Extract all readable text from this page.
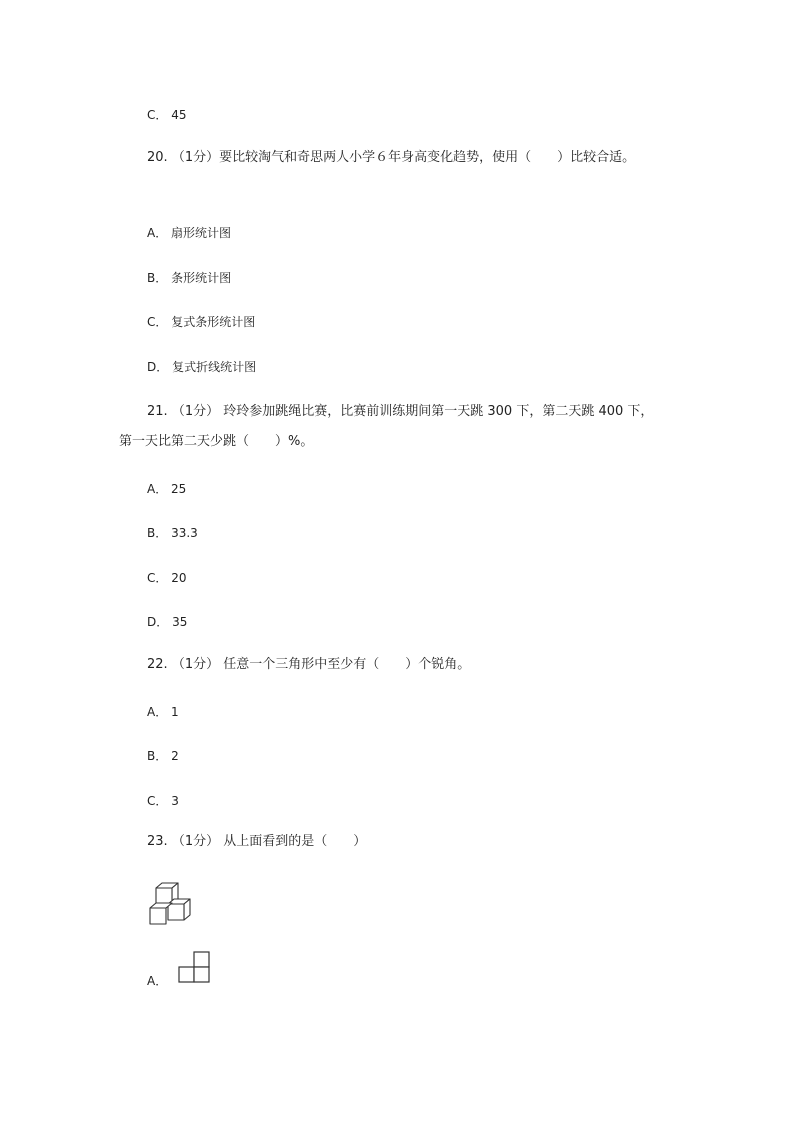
C． 45
20. （1分）要比较淘气和奇思两人小学６年身高变化趋势，使用（　　）比较合适。
A． 扇形统计图
B． 条形统计图
C． 复式条形统计图
D． 复式折线统计图
21. （1分） 玲玲参加跳绳比赛，比赛前训练期间第一天跳 300 下，第二天跳 400 下，
第一天比第二天少跳（　　）%。
A． 25
B． 33.3
C． 20
D． 35
22. （1分） 任意一个三角形中至少有（　　）个锐角。
A． 1
B． 2
C． 3
23. （1分） 从上面看到的是（　　）
A．
